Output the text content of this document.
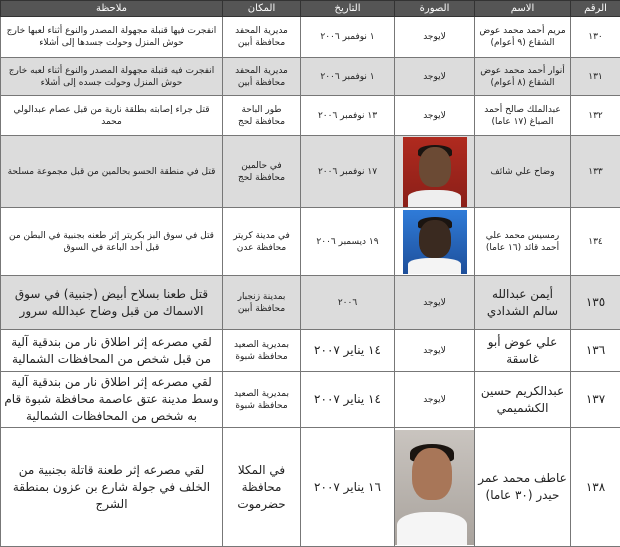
الرقم	الاسم	الصورة	التاريخ	المكان	ملاحظة
١٣٠	مريم أحمد محمد عوض الشقاع (٩ أعوام)	لايوجد	١ نوفمبر ٢٠٠٦	مديرية المحفد محافظة أبين	انفجرت فيها قنبلة مجهولة المصدر والنوع أثناء لعبها خارج حوش المنزل وحولت جسدها إلى أشلاء
١٣١	أنوار أحمد محمد عوض الشقاع (٨ أعوام)	لايوجد	١ نوفمبر ٢٠٠٦	مديرية المحفد محافظة أبين	انفجرت فيه قنبلة مجهولة المصدر والنوع أثناء لعبه خارج حوش المنزل وحولت جسده إلى أشلاء
١٣٢	عبدالملك صالح أحمد الصباغ (١٧ عاما)	لايوجد	١٣ نوفمبر ٢٠٠٦	طور الباحة محافظة لحج	قتل جراء إصابته بطلقة نارية من قبل عصام عبدالولي محمد
١٣٣	وضاح علي شائف		١٧ نوفمبر ٢٠٠٦	في حالمين محافظة لحج	قتل في منطقة الحسو بحالمين من قبل مجموعة مسلحة
١٣٤	رمسيس محمد علي أحمد قائد (١٦ عاما)		١٩ ديسمبر ٢٠٠٦	في مدينة كريتر محافظة عدن	قتل في سوق البز بكريتر إثر طعنه بجنبية في البطن من قبل أحد الباعة في السوق
١٣٥	أيمن عبدالله سالم الشدادي	لايوجد	٢٠٠٦	بمدينة زنجبار محافظة أبين	قتل طعنا بسلاح أبيض (جنبية) في سوق الاسماك من قبل وضاح عبدالله سرور
١٣٦	علي عوض أبو غاسقة	لايوجد	١٤ يناير ٢٠٠٧	بمديرية الصعيد محافظة شبوة	لقي مصرعه إثر اطلاق نار من بندقية آلية من قبل شخص من المحافظات الشمالية
١٣٧	عبدالكريم حسين الكشميمي	لايوجد	١٤ يناير ٢٠٠٧	بمديرية الصعيد محافظة شبوة	لقي مصرعه إثر اطلاق نار من بندقية آلية وسط مدينة عتق عاصمة محافظة شبوة قام به شخص من المحافظات الشمالية
١٣٨	عاطف محمد عمر حيدر (٣٠ عاما)		١٦ يناير ٢٠٠٧	في المكلا محافظة حضرموت	لقي مصرعه إثر طعنة قاتلة بجنبية من الخلف في جولة شارع بن عزون بمنطقة الشرج
